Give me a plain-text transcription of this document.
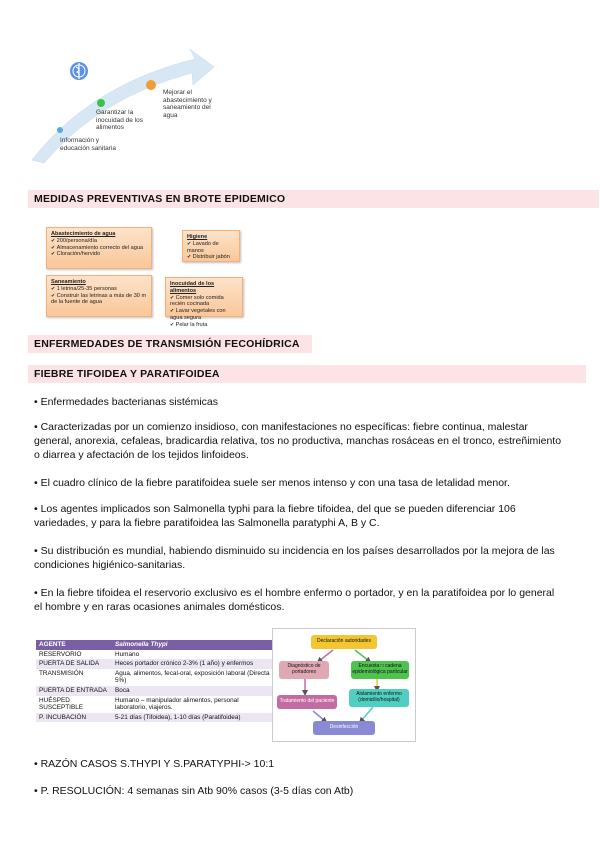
Información y educación sanitaria
Garantizar la inocuidad de los alimentos
Mejorar el abastecimiento y saneamiento del agua
MEDIDAS PREVENTIVAS EN BROTE EPIDEMICO
Abastecimiento de agua
✔ 200/persona/día
✔ Almacenamiento correcto del agua
✔ Cloración/hervido
Higiene
✔ Lavado de manos
✔ Distribuir jabón
Saneamiento
✔ 1 letrina/25-35 personas
✔ Construir las letrinas a más de 30 m de la fuente de agua
Inocuidad de los alimentos
✔ Comer solo comida recién cocinada
✔ Lavar vegetales con agua segura
✔ Pelar la fruta
ENFERMEDADES DE TRANSMISIÓN FECOHÍDRICA
FIEBRE TIFOIDEA Y PARATIFOIDEA
• Enfermedades bacterianas sistémicas
• Caracterizadas por un comienzo insidioso, con manifestaciones no específicas: fiebre continua, malestar general, anorexia, cefaleas, bradicardia relativa, tos no productiva, manchas rosáceas en el tronco, estreñimiento o diarrea y afectación de los tejidos linfoideos.
• El cuadro clínico de la fiebre paratifoidea suele ser menos intenso y con una tasa de letalidad menor.
• Los agentes implicados son Salmonella typhi para la fiebre tifoidea, del que se pueden diferenciar 106 variedades, y para la fiebre paratifoidea las Salmonella paratyphi A, B y C.
• Su distribución es mundial, habiendo disminuido su incidencia en los países desarrollados por la mejora de las condiciones higiénico-sanitarias.
• En la fiebre tifoidea el reservorio exclusivo es el hombre enfermo o portador, y en la paratifoidea por lo general el hombre y en raras ocasiones animales domésticos.
AGENTE	Salmonella Thypi
RESERVORIO	Humano
PUERTA DE SALIDA	Heces portador crónico 2-3% (1 año) y enfermos
TRANSMISIÓN	Agua, alimentos, fecal-oral, exposición laboral (Directa 5%)
PUERTA DE ENTRADA	Boca
HUÉSPED SUSCEPTIBLE	Humano – manipulador alimentos, personal laboratorio, viajeros.
P. INCUBACIÓN	5-21 días (Tifoidea), 1-10 días (Paratifoidea)
Declaración autoridades
Diagnóstico de portadores
Encuesta □ cadena epidemiológica particular
Tratamiento del paciente
Aislamiento enfermo (domicilio/hospital)
Desinfección
• RAZÓN CASOS S.THYPI Y S.PARATYPHI-> 10:1
• P. RESOLUCIÓN: 4 semanas sin Atb 90% casos (3-5 días con Atb)
